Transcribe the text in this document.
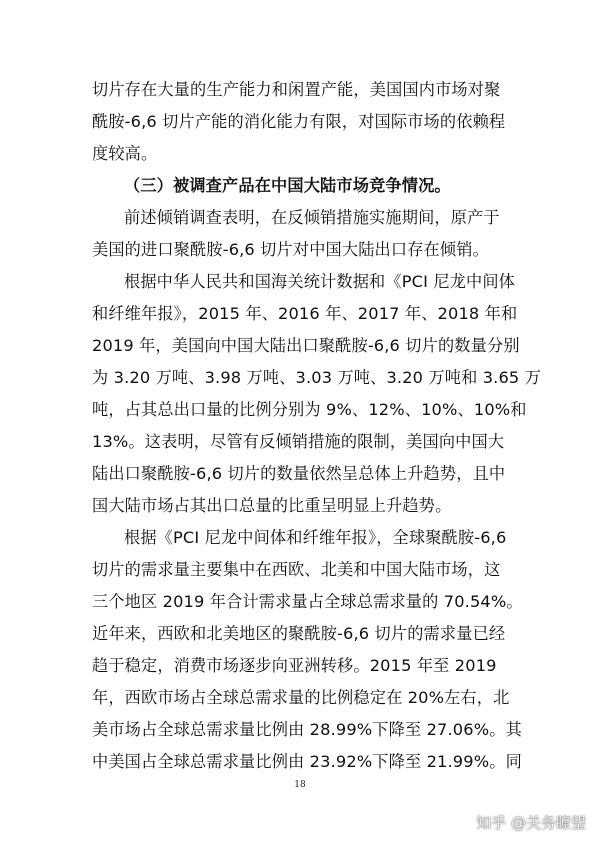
切片存在大量的生产能力和闲置产能，美国国内市场对聚
酰胺-6,6 切片产能的消化能力有限，对国际市场的依赖程
度较高。
（三）被调查产品在中国大陆市场竞争情况。
前述倾销调查表明，在反倾销措施实施期间，原产于
美国的进口聚酰胺-6,6 切片对中国大陆出口存在倾销。
根据中华人民共和国海关统计数据和《PCI 尼龙中间体
和纤维年报》，2015 年、2016 年、2017 年、2018 年和
2019 年，美国向中国大陆出口聚酰胺-6,6 切片的数量分别
为 3.20 万吨、3.98 万吨、3.03 万吨、3.20 万吨和 3.65 万
吨，占其总出口量的比例分别为 9%、12%、10%、10%和
13%。这表明，尽管有反倾销措施的限制，美国向中国大
陆出口聚酰胺-6,6 切片的数量依然呈总体上升趋势，且中
国大陆市场占其出口总量的比重呈明显上升趋势。
根据《PCI 尼龙中间体和纤维年报》，全球聚酰胺-6,6
切片的需求量主要集中在西欧、北美和中国大陆市场，这
三个地区 2019 年合计需求量占全球总需求量的 70.54%。
近年来，西欧和北美地区的聚酰胺-6,6 切片的需求量已经
趋于稳定，消费市场逐步向亚洲转移。2015 年至 2019
年，西欧市场占全球总需求量的比例稳定在 20%左右，北
美市场占全球总需求量比例由 28.99%下降至 27.06%。其
中美国占全球总需求量比例由 23.92%下降至 21.99%。同
18
知乎 @关务瞭望
